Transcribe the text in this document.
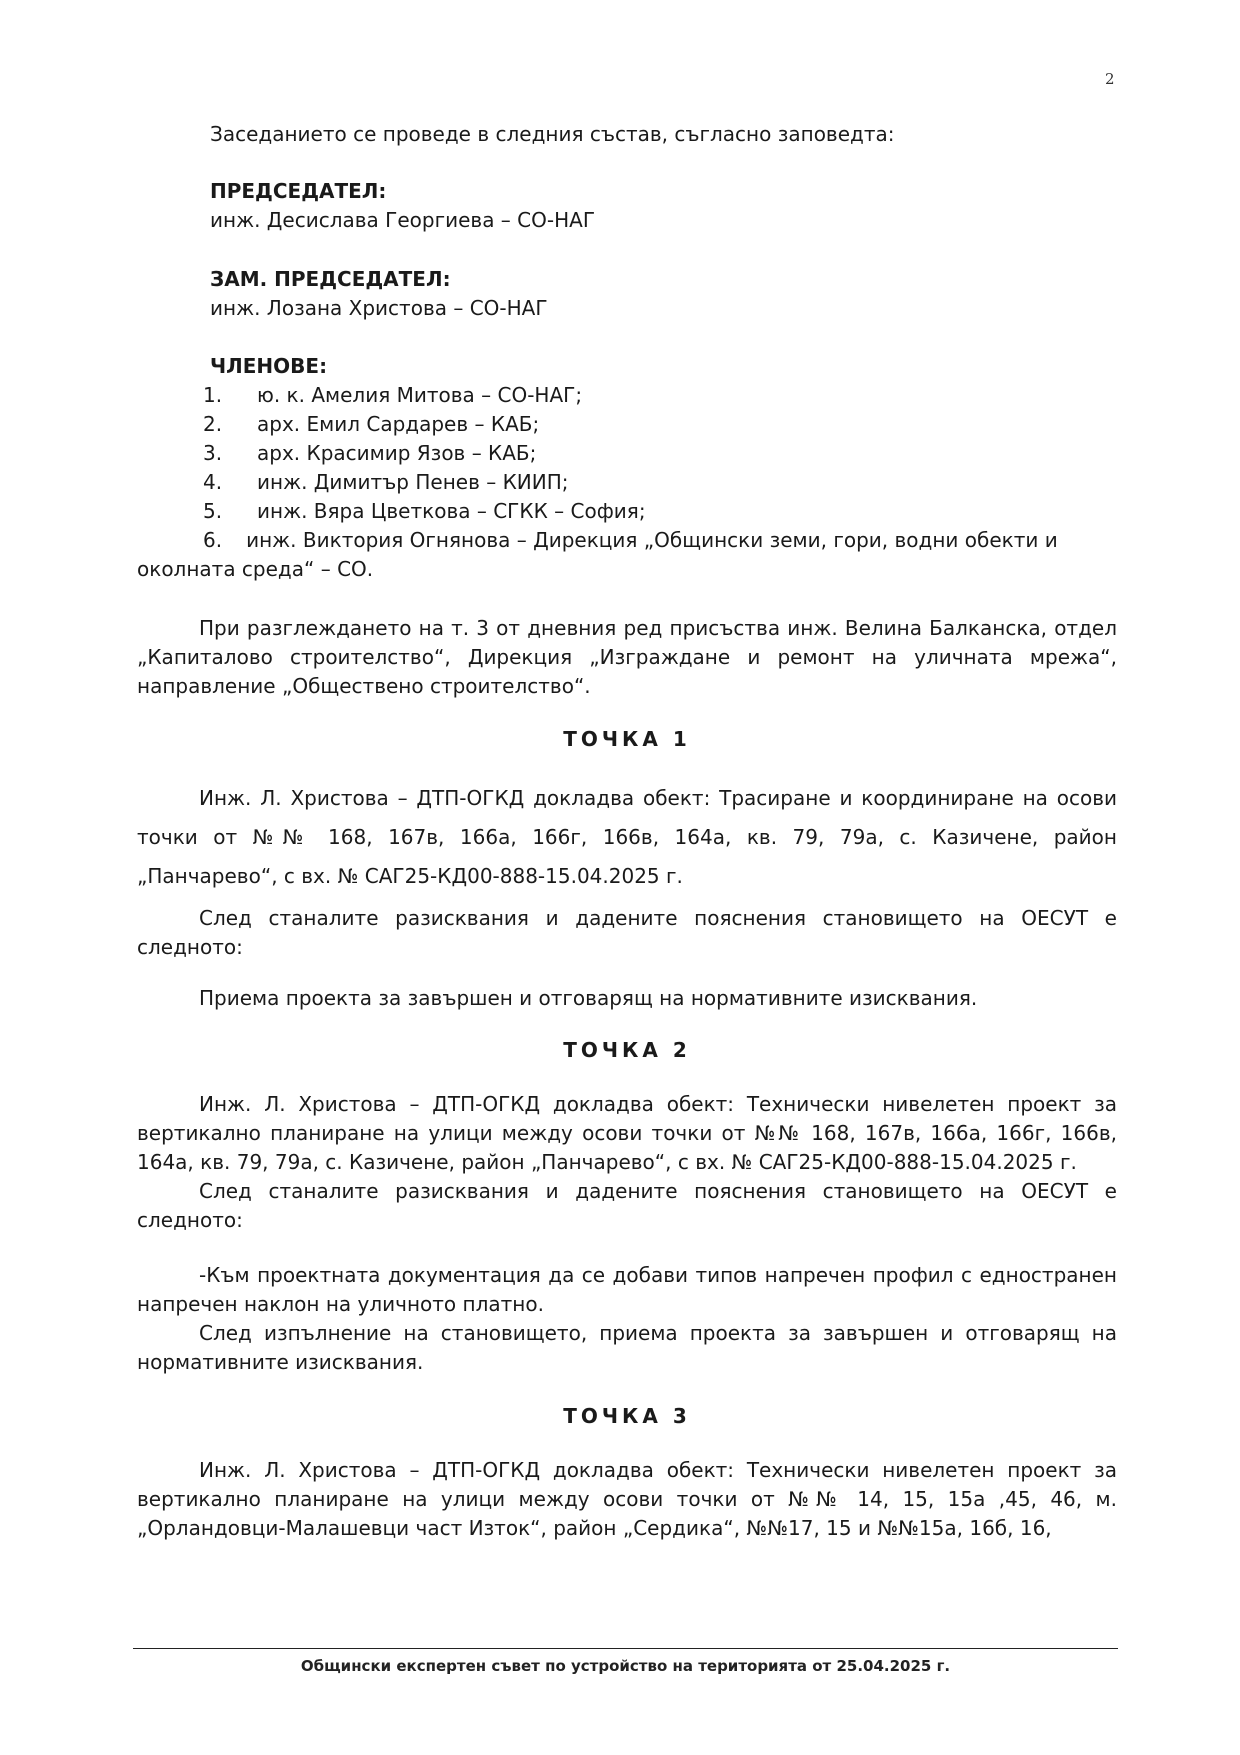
2

Заседанието се проведе в следния състав, съгласно заповедта:

ПРЕДСЕДАТЕЛ:

инж. Десислава Георгиева – СО-НАГ

ЗАМ. ПРЕДСЕДАТЕЛ:

инж. Лозана Христова – СО-НАГ

ЧЛЕНОВЕ:

1. ю. к. Амелия Митова – СО-НАГ;
2. арх. Емил Сардарев – КАБ;
3. арх. Красимир Язов – КАБ;
4. инж. Димитър Пенев – КИИП;
5. инж. Вяра Цветкова – СГКК – София;
6. инж. Виктория Огнянова – Дирекция „Общински земи, гори, водни обекти и околната среда“ – СО.

При разглеждането на т. 3 от дневния ред присъства инж. Велина Балканска, отдел „Капиталово строителство“, Дирекция „Изграждане и ремонт на уличната мрежа“, направление „Обществено строителство“.

ТОЧКА 1

Инж. Л. Христова – ДТП-ОГКД докладва обект: Трасиране и координиране на осови точки от №№ 168, 167в, 166а, 166г, 166в, 164а, кв. 79, 79а, с. Казичене, район „Панчарево“, с вх. № САГ25-КД00-888-15.04.2025 г.

След станалите разисквания и дадените пояснения становището на ОЕСУТ е следното:

Приема проекта за завършен и отговарящ на нормативните изисквания.

ТОЧКА 2

Инж. Л. Христова – ДТП-ОГКД докладва обект: Технически нивелетен проект за вертикално планиране на улици между осови точки от №№ 168, 167в, 166а, 166г, 166в, 164а, кв. 79, 79а, с. Казичене, район „Панчарево“, с вх. № САГ25-КД00-888-15.04.2025 г.

След станалите разисквания и дадените пояснения становището на ОЕСУТ е следното:

-Към проектната документация да се добави типов напречен профил с едностранен напречен наклон на уличното платно.

След изпълнение на становището, приема проекта за завършен и отговарящ на нормативните изисквания.

ТОЧКА 3

Инж. Л. Христова – ДТП-ОГКД докладва обект: Технически нивелетен проект за вертикално планиране на улици между осови точки от №№ 14, 15, 15а ,45, 46, м. „Орландовци-Малашевци част Изток“, район „Сердика“, №№17, 15 и №№15а, 16б, 16,

Общински експертен съвет по устройство на територията от 25.04.2025 г.
